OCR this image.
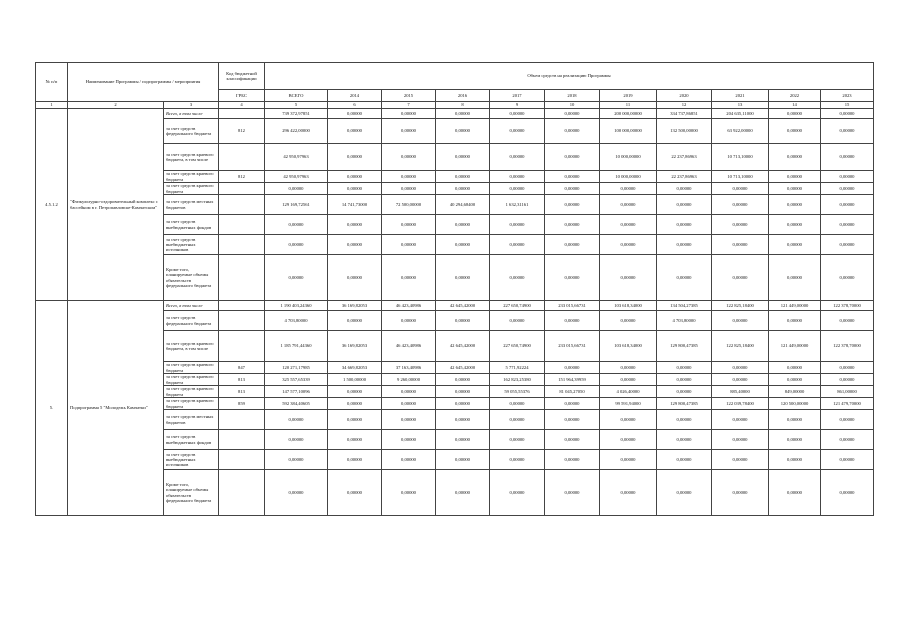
№ п/п	Наименование Программы / подпрограммы / мероприятия		Код бюджетной классификации	Объем средств на реализацию Программы										
			ГРБС	ВСЕГО	2014	2015	2016	2017	2018	2019	2020	2021	2022	2023
1	2	3	4	5	6	7	8	9	10	11	12	13	14	15
4.5.1.2	"Физкультурно-оздоровительный комплекс с бассейном в г. Петропавловске-Камчатском"	Всего, в том числе		739 372,97851	0,00000	0,00000	0,00000	0,00000	0,00000	200 000,00000	334 737,86851	204 635,11000	0,00000	0,00000
		за счет средств федерального бюджета	812	296 422,00000	0,00000	0,00000	0,00000	0,00000	0,00000	100 000,00000	132 500,00000	63 922,00000	0,00000	0,00000
		за счет средств краевого бюджета, в том числе		42 950,97963	0,00000	0,00000	0,00000	0,00000	0,00000	10 000,00000	22 237,86963	10 713,10000	0,00000	0,00000
		за счет средств краевого бюджета	812	42 950,97963	0,00000	0,00000	0,00000	0,00000	0,00000	10 000,00000	22 237,86963	10 713,10000	0,00000	0,00000
		за счет средств краевого бюджета		0,00000	0,00000	0,00000	0,00000	0,00000	0,00000	0,00000	0,00000	0,00000	0,00000	0,00000
		за счет средств местных бюджетов		129 169,72561	14 741,73000	72 500,00000	40 294,68400	1 632,31161	0,00000	0,00000	0,00000	0,00000	0,00000	0,00000
		за счет средств внебюджетных фондов		0,00000	0,00000	0,00000	0,00000	0,00000	0,00000	0,00000	0,00000	0,00000	0,00000	0,00000
		за счет средств внебюджетных источников		0,00000	0,00000	0,00000	0,00000	0,00000	0,00000	0,00000	0,00000	0,00000	0,00000	0,00000
		Кроме того, планируемые объемы обязательств федерального бюджета		0,00000	0,00000	0,00000	0,00000	0,00000	0,00000	0,00000	0,00000	0,00000	0,00000	0,00000
5.	Подпрограмма 5 "Молодежь Камчатки"	Всего, в том числе		1 190 403,24360	36 169,82053	46 423,40986	42 645,42000	227 650,74900	233 015,66731	103 618,34000	134 504,27385	122 825,18400	121 449,00000	122 378,70000
		за счет средств федерального бюджета		4 703,80000	0,00000	0,00000	0,00000	0,00000	0,00000	0,00000	4 703,80000	0,00000	0,00000	0,00000
		за счет средств краевого бюджета, в том числе		1 185 791,44360	36 169,82053	46 423,40986	42 645,42000	227 650,74900	233 015,66731	103 618,34000	129 800,47385	122 825,18400	121 449,00000	122 378,70000
		за счет средств краевого бюджета	847	120 271,17985	34 669,82053	37 163,40986	42 645,42000	5 771,92224	0,00000	0,00000	0,00000	0,00000	0,00000	0,00000
		за счет средств краевого бюджета	813	325 557,65339	1 500,00000	9 260,00000	0,00000	162 823,25380	151 964,39959	0,00000	0,00000	0,00000	0,00000	0,00000
		за счет средств краевого бюджета	813	147 577,10096	0,00000	0,00000	0,00000	59 055,55376	81 045,27050	4 026,40000	0,00000	885,40000	849,00000	861,00000
		за счет средств краевого бюджета	859	592 384,40605	0,00000	0,00000	0,00000	0,00000	0,00000	99 591,94000	129 800,47385	122 039,78400	120 500,00000	121 479,70000
		за счет средств местных бюджетов		0,00000	0,00000	0,00000	0,00000	0,00000	0,00000	0,00000	0,00000	0,00000	0,00000	0,00000
		за счет средств внебюджетных фондов		0,00000	0,00000	0,00000	0,00000	0,00000	0,00000	0,00000	0,00000	0,00000	0,00000	0,00000
		за счет средств внебюджетных источников		0,00000	0,00000	0,00000	0,00000	0,00000	0,00000	0,00000	0,00000	0,00000	0,00000	0,00000
		Кроме того, планируемые объемы обязательств федерального бюджета		0,00000	0,00000	0,00000	0,00000	0,00000	0,00000	0,00000	0,00000	0,00000	0,00000	0,00000
